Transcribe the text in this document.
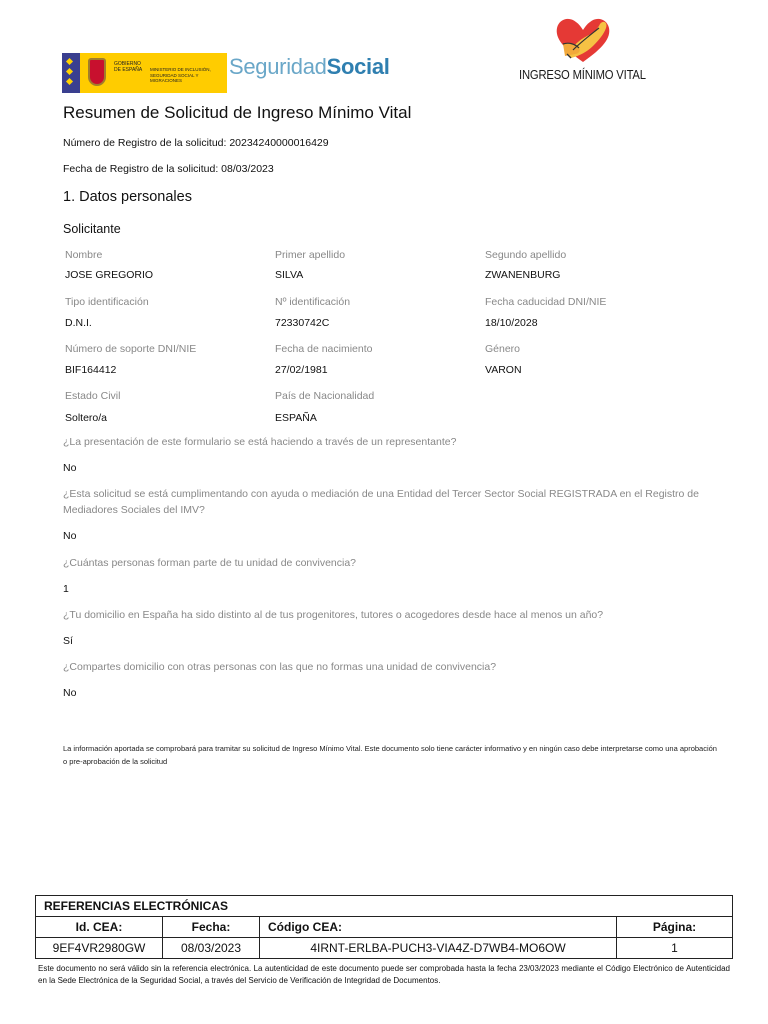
GOBIERNO DE ESPAÑA	MINISTERIO DE INCLUSIÓN, SEGURIDAD SOCIAL Y MIGRACIONES
SeguridadSocial	INGRESO MÍNIMO VITAL
Resumen de Solicitud de Ingreso Mínimo Vital
Número de Registro de la solicitud: 20234240000016429
Fecha de Registro de la solicitud: 08/03/2023
1. Datos personales
Solicitante
Nombre
JOSE GREGORIO
Primer apellido
SILVA
Segundo apellido
ZWANENBURG
Tipo identificación
D.N.I.
Nº identificación
72330742C
Fecha caducidad DNI/NIE
18/10/2028
Número de soporte DNI/NIE
BIF164412
Fecha de nacimiento
27/02/1981
Género
VARON
Estado Civil
Soltero/a
País de Nacionalidad
ESPAÑA
¿La presentación de este formulario se está haciendo a través de un representante?
No
¿Esta solicitud se está cumplimentando con ayuda o mediación de una Entidad del Tercer Sector Social REGISTRADA en el Registro de Mediadores Sociales del IMV?
No
¿Cuántas personas forman parte de tu unidad de convivencia?
1
¿Tu domicilio en España ha sido distinto al de tus progenitores, tutores o acogedores desde hace al menos un año?
Sí
¿Compartes domicilio con otras personas con las que no formas una unidad de convivencia?
No
La información aportada se comprobará para tramitar su solicitud de Ingreso Mínimo Vital. Este documento solo tiene carácter informativo y en ningún caso debe interpretarse como una aprobación o pre-aprobación de la solicitud
REFERENCIAS ELECTRÓNICAS			
Id. CEA:	Fecha:	Código CEA:	Página:
9EF4VR2980GW	08/03/2023	4IRNT-ERLBA-PUCH3-VIA4Z-D7WB4-MO6OW	1
Este documento no será válido sin la referencia electrónica. La autenticidad de este documento puede ser comprobada hasta la fecha 23/03/2023 mediante el Código Electrónico de Autenticidad en la Sede Electrónica de la Seguridad Social, a través del Servicio de Verificación de Integridad de Documentos.
